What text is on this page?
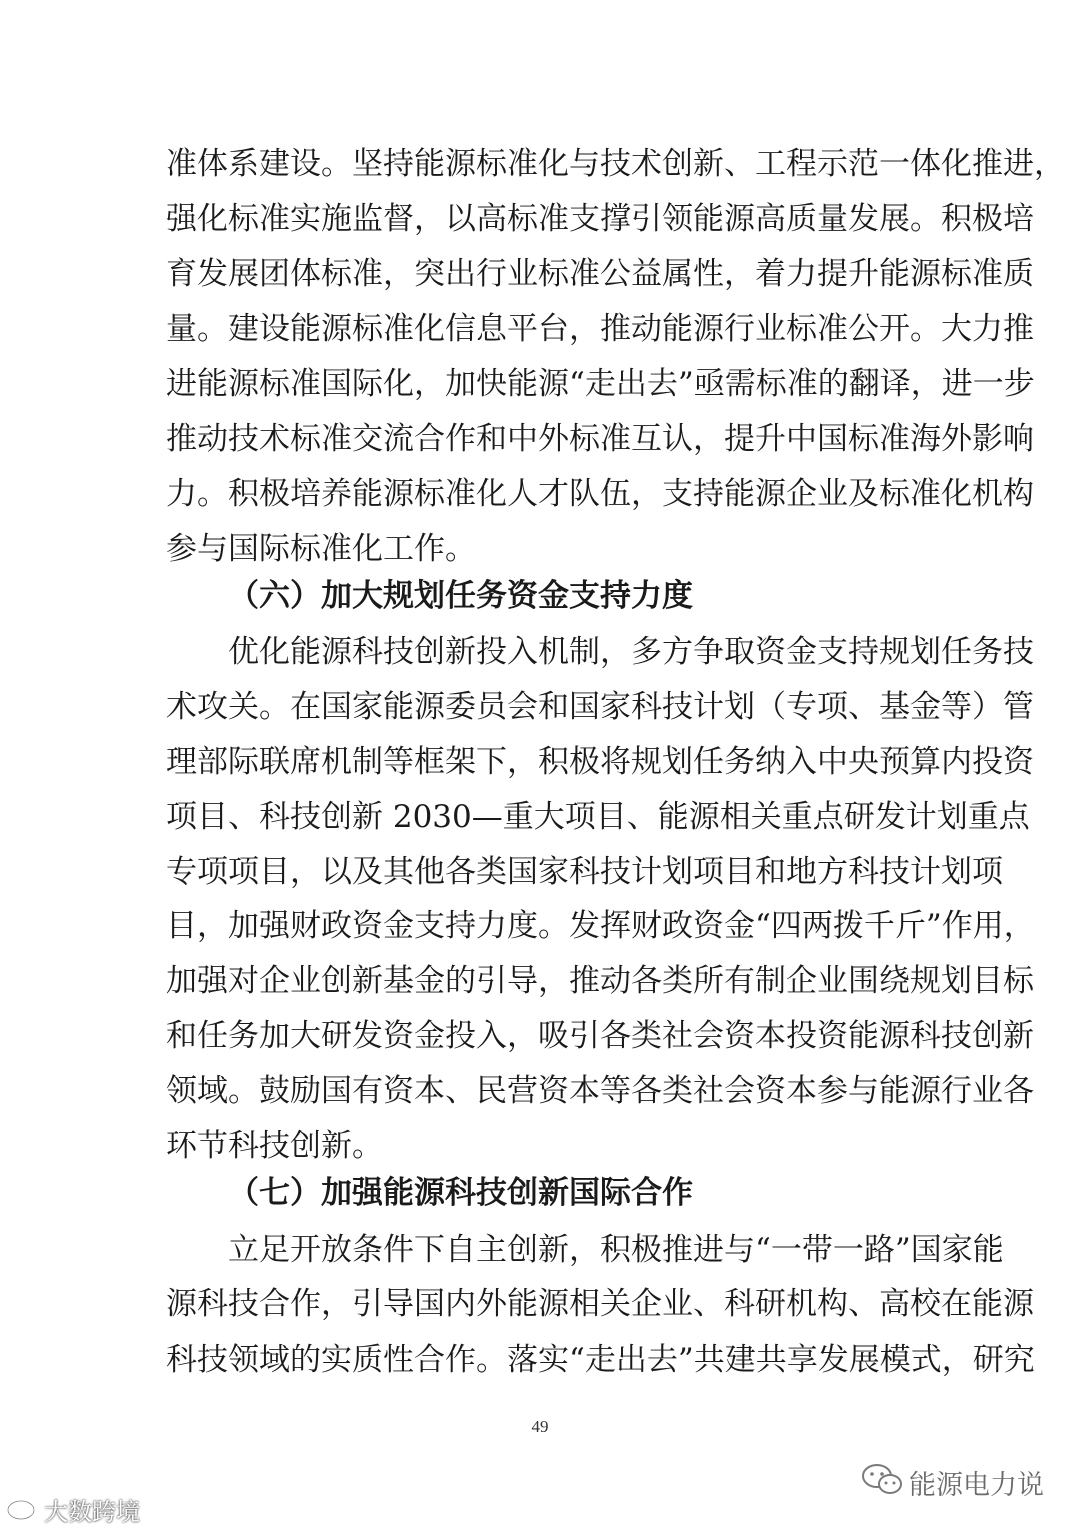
准体系建设。坚持能源标准化与技术创新、工程示范一体化推进，
强化标准实施监督，以高标准支撑引领能源高质量发展。积极培
育发展团体标准，突出行业标准公益属性，着力提升能源标准质
量。建设能源标准化信息平台，推动能源行业标准公开。大力推
进能源标准国际化，加快能源“走出去”亟需标准的翻译，进一步
推动技术标准交流合作和中外标准互认，提升中国标准海外影响
力。积极培养能源标准化人才队伍，支持能源企业及标准化机构
参与国际标准化工作。
（六）加大规划任务资金支持力度
优化能源科技创新投入机制，多方争取资金支持规划任务技
术攻关。在国家能源委员会和国家科技计划（专项、基金等）管
理部际联席机制等框架下，积极将规划任务纳入中央预算内投资
项目、科技创新 2030—重大项目、能源相关重点研发计划重点
专项项目，以及其他各类国家科技计划项目和地方科技计划项
目，加强财政资金支持力度。发挥财政资金“四两拨千斤”作用，
加强对企业创新基金的引导，推动各类所有制企业围绕规划目标
和任务加大研发资金投入，吸引各类社会资本投资能源科技创新
领域。鼓励国有资本、民营资本等各类社会资本参与能源行业各
环节科技创新。
（七）加强能源科技创新国际合作
立足开放条件下自主创新，积极推进与“一带一路”国家能
源科技合作，引导国内外能源相关企业、科研机构、高校在能源
科技领域的实质性合作。落实“走出去”共建共享发展模式，研究
49
大数跨境
能源电力说
